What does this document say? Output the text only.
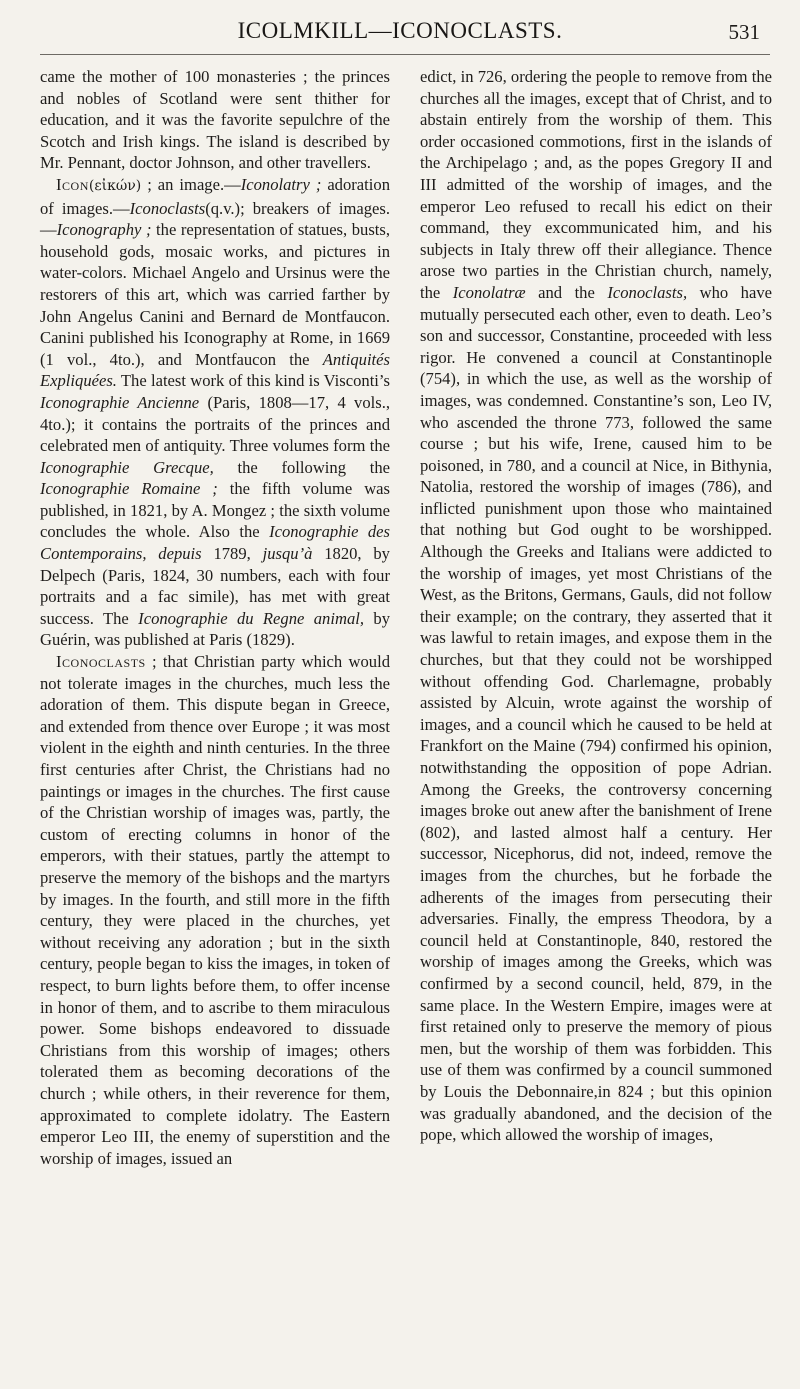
ICOLMKILL—ICONOCLASTS.	531

came the mother of 100 monasteries ; the princes and nobles of Scotland were sent thither for education, and it was the favorite sepulchre of the Scotch and Irish kings. The island is described by Mr. Pennant, doctor Johnson, and other travellers.

Icon(εἰκών) ; an image.—Iconolatry ; adoration of images.—Iconoclasts(q.v.); breakers of images.—Iconography ; the representation of statues, busts, household gods, mosaic works, and pictures in water-colors. Michael Angelo and Ursinus were the restorers of this art, which was carried farther by John Angelus Canini and Bernard de Montfaucon. Canini published his Iconography at Rome, in 1669 (1 vol., 4to.), and Montfaucon the Antiquités Expliquées. The latest work of this kind is Visconti’s Iconographie Ancienne (Paris, 1808—17, 4 vols., 4to.); it contains the portraits of the princes and celebrated men of antiquity. Three volumes form the Iconographie Grecque, the following the Iconographie Romaine ; the fifth volume was published, in 1821, by A. Mongez ; the sixth volume concludes the whole. Also the Iconographie des Contemporains, depuis 1789, jusqu’à 1820, by Delpech (Paris, 1824, 30 numbers, each with four portraits and a fac simile), has met with great success. The Iconographie du Regne animal, by Guérin, was published at Paris (1829).

Iconoclasts ; that Christian party which would not tolerate images in the churches, much less the adoration of them. This dispute began in Greece, and extended from thence over Europe ; it was most violent in the eighth and ninth centuries. In the three first centuries after Christ, the Christians had no paintings or images in the churches. The first cause of the Christian worship of images was, partly, the custom of erecting columns in honor of the emperors, with their statues, partly the attempt to preserve the memory of the bishops and the martyrs by images. In the fourth, and still more in the fifth century, they were placed in the churches, yet without receiving any adoration ; but in the sixth century, people began to kiss the images, in token of respect, to burn lights before them, to offer incense in honor of them, and to ascribe to them miraculous power. Some bishops endeavored to dissuade Christians from this worship of images; others tolerated them as becoming decorations of the church ; while others, in their reverence for them, approximated to complete idolatry. The Eastern emperor Leo III, the enemy of superstition and the worship of images, issued an

edict, in 726, ordering the people to remove from the churches all the images, except that of Christ, and to abstain entirely from the worship of them. This order occasioned commotions, first in the islands of the Archipelago ; and, as the popes Gregory II and III admitted of the worship of images, and the emperor Leo refused to recall his edict on their command, they excommunicated him, and his subjects in Italy threw off their allegiance. Thence arose two parties in the Christian church, namely, the Iconolatræ and the Iconoclasts, who have mutually persecuted each other, even to death. Leo’s son and successor, Constantine, proceeded with less rigor. He convened a council at Constantinople (754), in which the use, as well as the worship of images, was condemned. Constantine’s son, Leo IV, who ascended the throne 773, followed the same course ; but his wife, Irene, caused him to be poisoned, in 780, and a council at Nice, in Bithynia, Natolia, restored the worship of images (786), and inflicted punishment upon those who maintained that nothing but God ought to be worshipped. Although the Greeks and Italians were addicted to the worship of images, yet most Christians of the West, as the Britons, Germans, Gauls, did not follow their example; on the contrary, they asserted that it was lawful to retain images, and expose them in the churches, but that they could not be worshipped without offending God. Charlemagne, probably assisted by Alcuin, wrote against the worship of images, and a council which he caused to be held at Frankfort on the Maine (794) confirmed his opinion, notwithstanding the opposition of pope Adrian. Among the Greeks, the controversy concerning images broke out anew after the banishment of Irene (802), and lasted almost half a century. Her successor, Nicephorus, did not, indeed, remove the images from the churches, but he forbade the adherents of the images from persecuting their adversaries. Finally, the empress Theodora, by a council held at Constantinople, 840, restored the worship of images among the Greeks, which was confirmed by a second council, held, 879, in the same place. In the Western Empire, images were at first retained only to preserve the memory of pious men, but the worship of them was forbidden. This use of them was confirmed by a council summoned by Louis the Debonnaire,in 824 ; but this opinion was gradually abandoned, and the decision of the pope, which allowed the worship of images,
